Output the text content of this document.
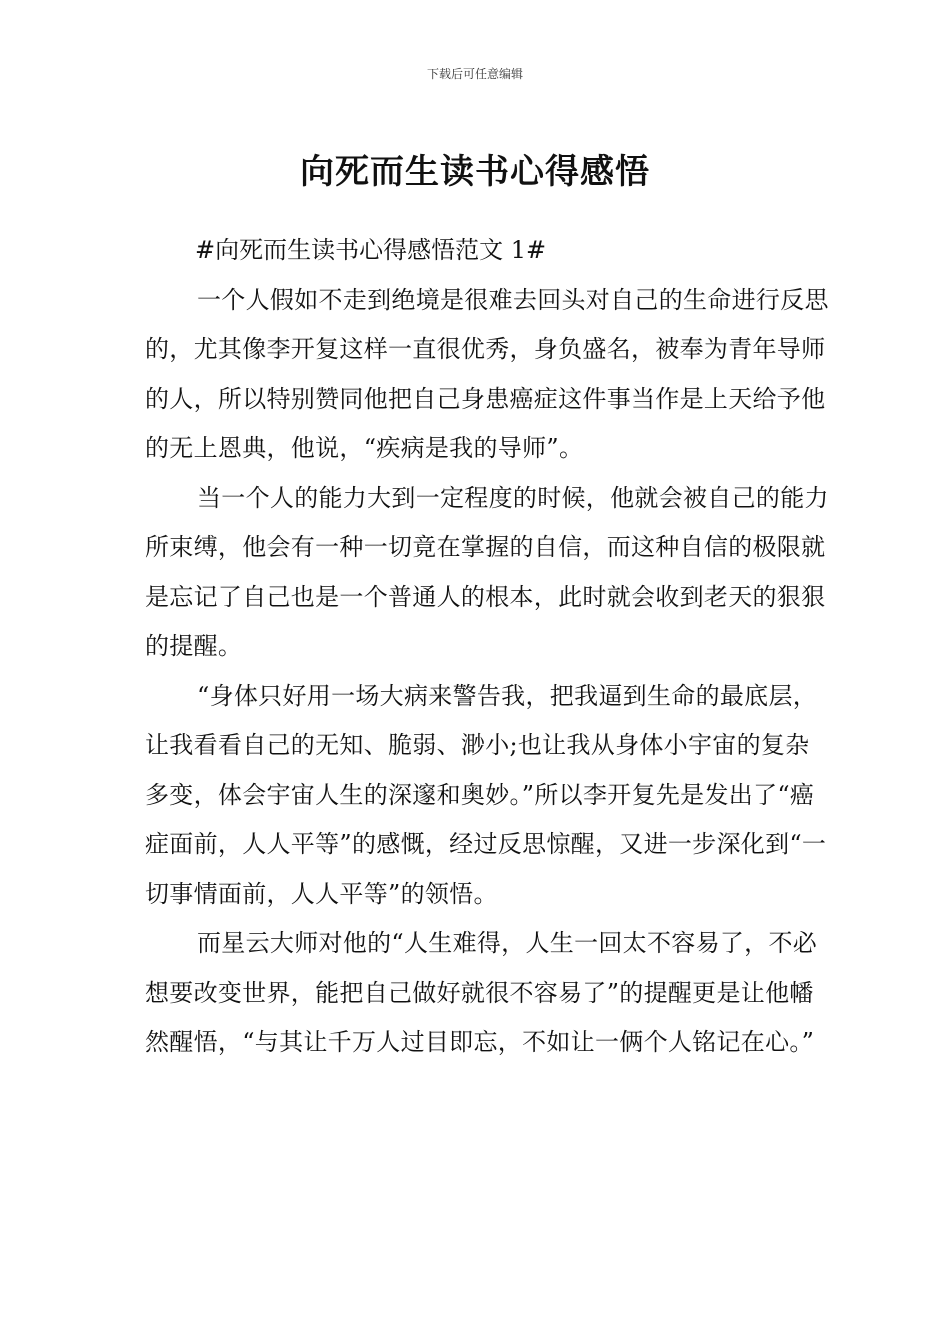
下载后可任意编辑
向死而生读书心得感悟

#向死而生读书心得感悟范文 1#

一个人假如不走到绝境是很难去回头对自己的生命进行反思的，尤其像李开复这样一直很优秀，身负盛名，被奉为青年导师的人，所以特别赞同他把自己身患癌症这件事当作是上天给予他的无上恩典，他说，“疾病是我的导师”。

当一个人的能力大到一定程度的时候，他就会被自己的能力所束缚，他会有一种一切竟在掌握的自信，而这种自信的极限就是忘记了自己也是一个普通人的根本，此时就会收到老天的狠狠的提醒。

“身体只好用一场大病来警告我，把我逼到生命的最底层，让我看看自己的无知、脆弱、渺小;也让我从身体小宇宙的复杂多变，体会宇宙人生的深邃和奥妙。”所以李开复先是发出了“癌症面前，人人平等”的感慨，经过反思惊醒，又进一步深化到“一切事情面前，人人平等”的领悟。

而星云大师对他的“人生难得，人生一回太不容易了，不必想要改变世界，能把自己做好就很不容易了”的提醒更是让他幡然醒悟，“与其让千万人过目即忘，不如让一俩个人铭记在心。”
